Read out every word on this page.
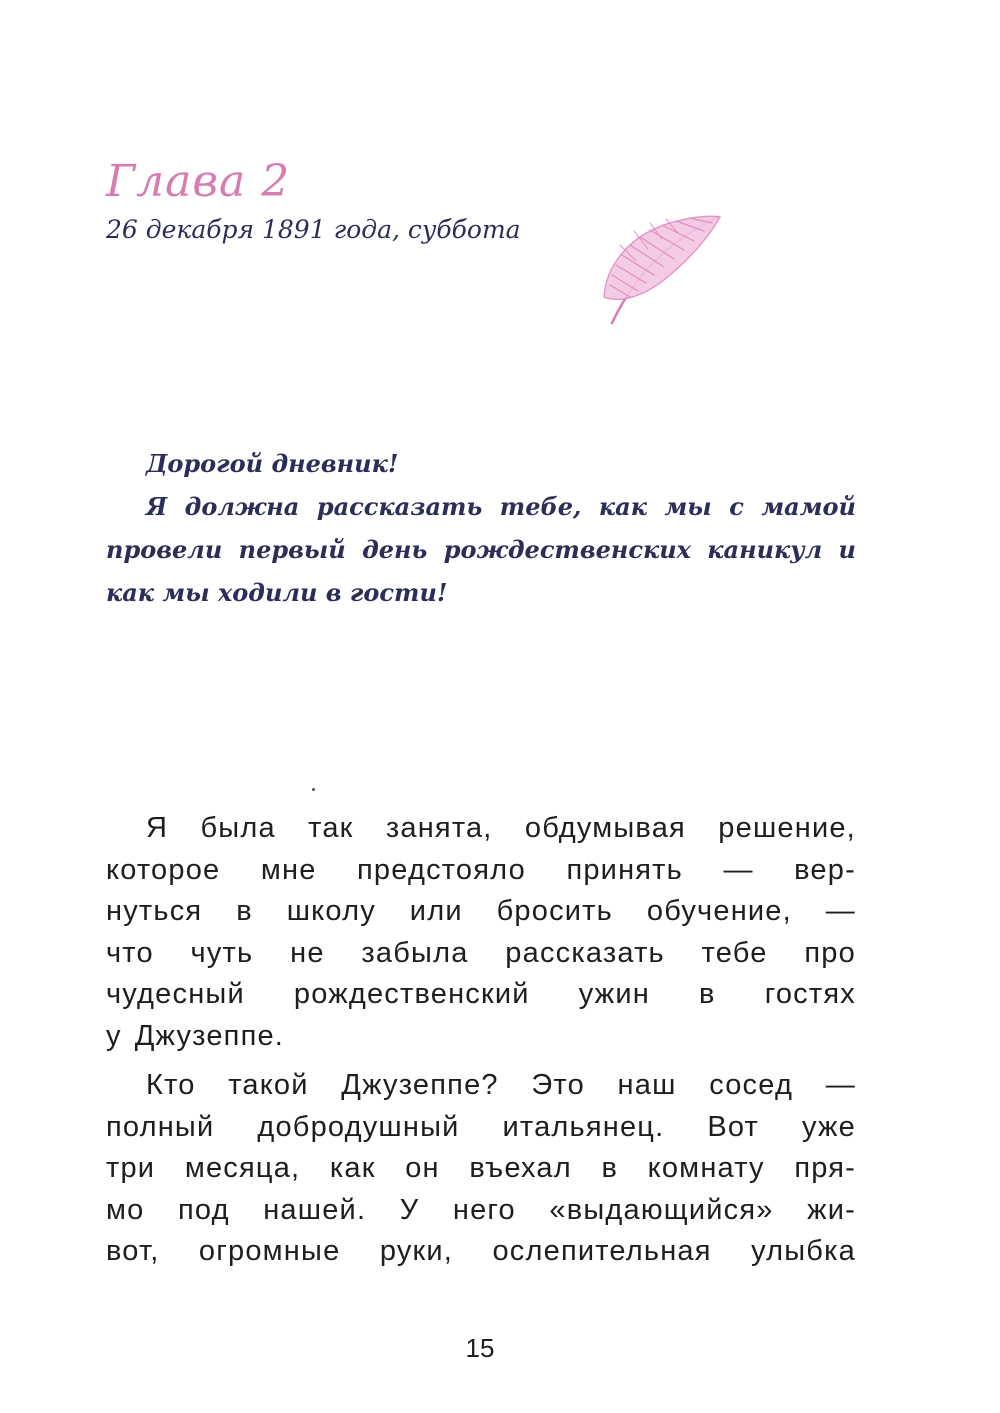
Глава 2
26 декабря 1891 года, суббота

Дорогой дневник!

Я должна рассказать тебе, как мы с мамой провели первый день рождественских каникул и как мы ходили в гости!

Я была так занята, обдумывая решение,
которое мне предстояло принять — вер-
нуться в школу или бросить обучение, —
что чуть не забыла рассказать тебе про
чудесный рождественский ужин в гостях
у Джузеппе.
Кто такой Джузеппе? Это наш сосед —
полный добродушный итальянец. Вот уже
три месяца, как он въехал в комнату пря-
мо под нашей. У него «выдающийся» жи-
вот, огромные руки, ослепительная улыбка
15
